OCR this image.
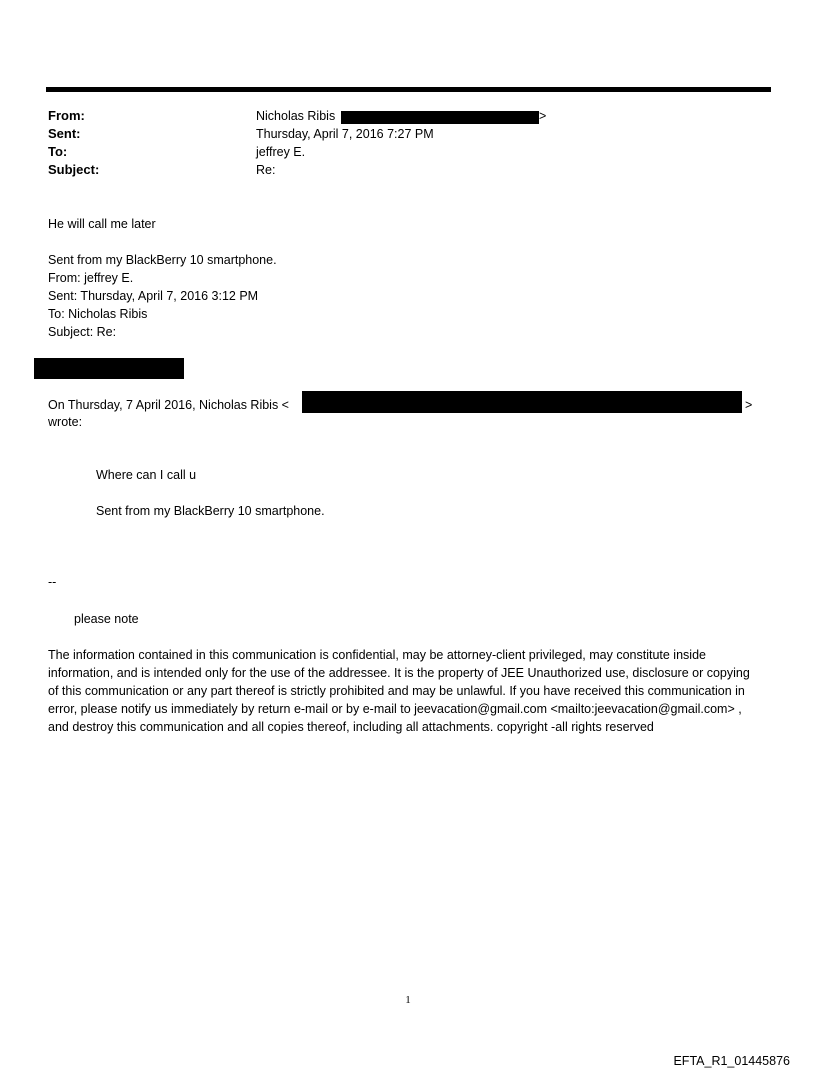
From:	Nicholas Ribis	>
Sent:	Thursday, April 7, 2016 7:27 PM
To:	jeffrey E.
Subject:	Re:
He will call me later
Sent from my BlackBerry 10 smartphone.
From: jeffrey E.
Sent: Thursday, April 7, 2016 3:12 PM
To: Nicholas Ribis
Subject: Re:
On Thursday, 7 April 2016, Nicholas Ribis <	>
wrote:
Where can I call u
Sent from my BlackBerry 10 smartphone.
--
please note
The information contained in this communication is confidential, may be attorney-client privileged, may constitute inside information, and is intended only for the use of the addressee. It is the property of JEE Unauthorized use, disclosure or copying of this communication or any part thereof is strictly prohibited and may be unlawful. If you have received this communication in error, please notify us immediately by return e-mail or by e-mail to jeevacation@gmail.com <mailto:jeevacation@gmail.com> , and destroy this communication and all copies thereof, including all attachments. copyright -all rights reserved
1
EFTA_R1_01445876
